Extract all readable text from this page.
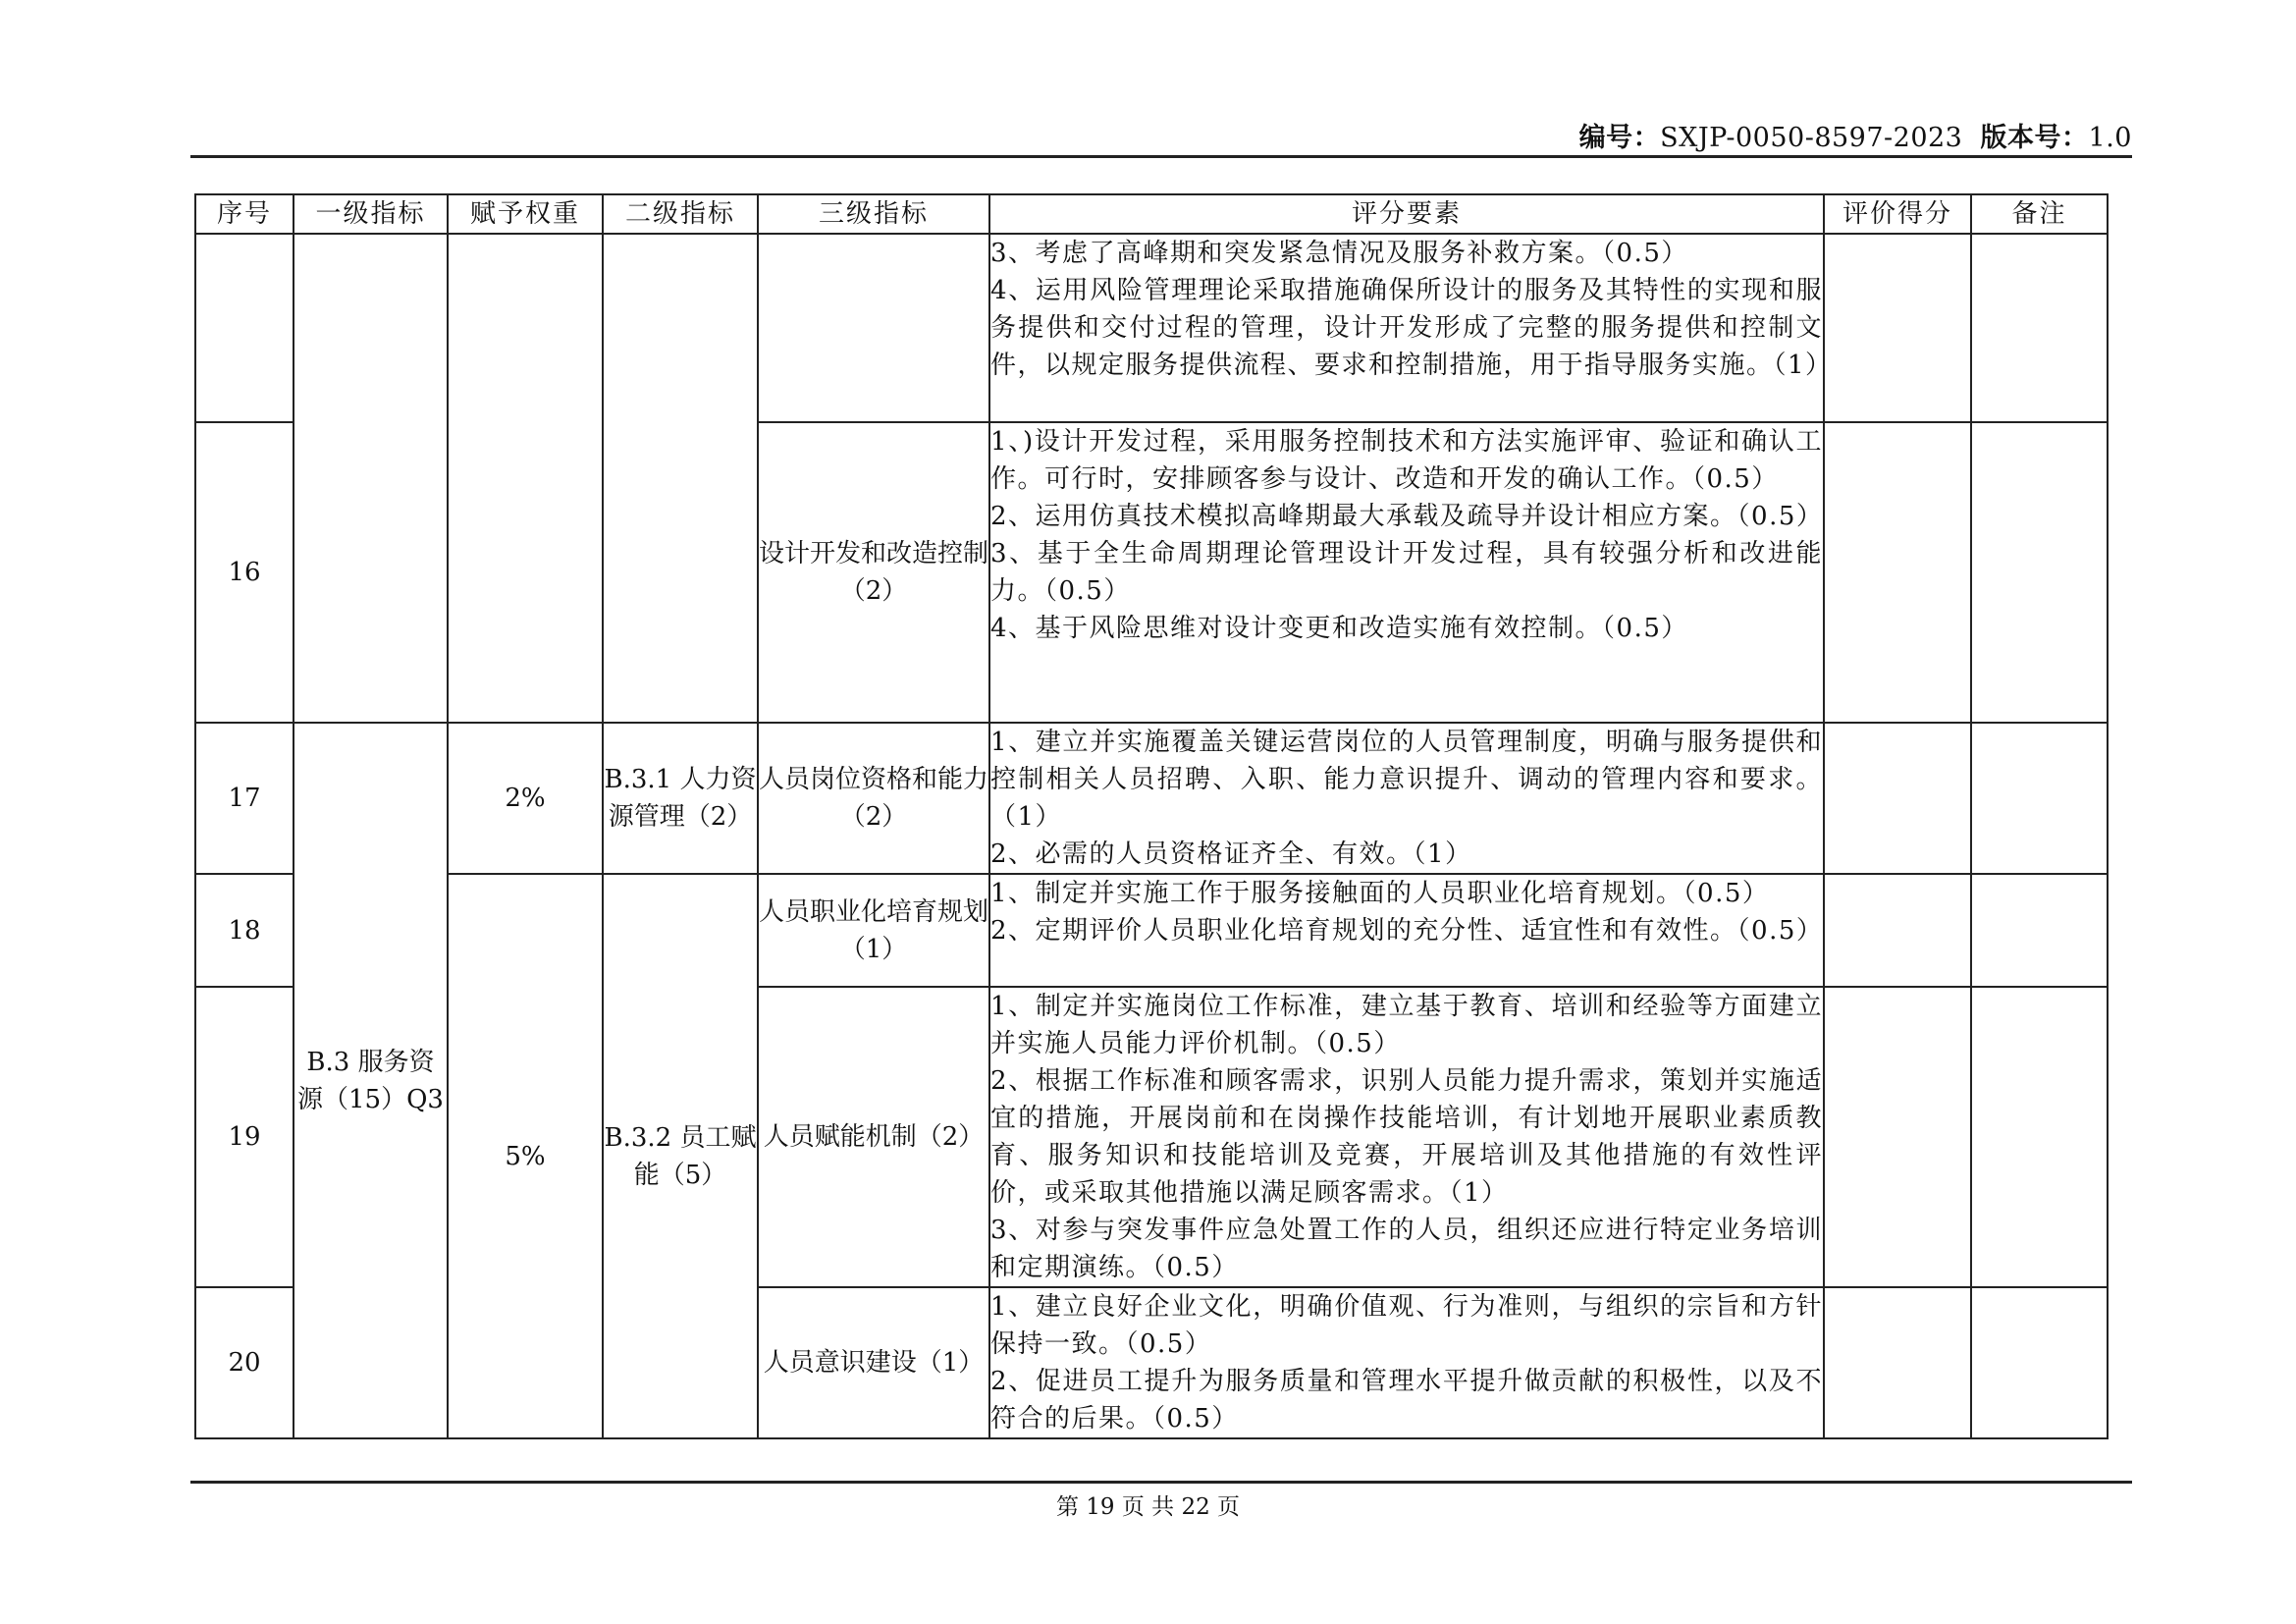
编号：SXJP-0050-8597-2023 版本号：1.0
序号	一级指标	赋予权重	二级指标	三级指标	评分要素	评价得分	备注

					3、考虑了高峰期和突发紧急情况及服务补救方案。（0.5）
4、运用风险管理理论采取措施确保所设计的服务及其特性的实现和服务提供和交付过程的管理，设计开发形成了完整的服务提供和控制文件，以规定服务提供流程、要求和控制措施，用于指导服务实施。（1）		

16				设计开发和改造控制（2）	1、)设计开发过程，采用服务控制技术和方法实施评审、验证和确认工作。可行时，安排顾客参与设计、改造和开发的确认工作。（0.5）
2、运用仿真技术模拟高峰期最大承载及疏导并设计相应方案。（0.5）
3、基于全生命周期理论管理设计开发过程，具有较强分析和改进能力。（0.5）
4、基于风险思维对设计变更和改造实施有效控制。（0.5）		

17	B.3 服务资源（15）Q3	2%	B.3.1 人力资源管理（2）	人员岗位资格和能力（2）	1、建立并实施覆盖关键运营岗位的人员管理制度，明确与服务提供和控制相关人员招聘、入职、能力意识提升、调动的管理内容和要求。（1）
2、必需的人员资格证齐全、有效。（1）		

18		5%	B.3.2 员工赋能（5）	人员职业化培育规划（1）	1、制定并实施工作于服务接触面的人员职业化培育规划。（0.5）
2、定期评价人员职业化培育规划的充分性、适宜性和有效性。（0.5）		

19				人员赋能机制（2）	1、制定并实施岗位工作标准，建立基于教育、培训和经验等方面建立并实施人员能力评价机制。（0.5）
2、根据工作标准和顾客需求，识别人员能力提升需求，策划并实施适宜的措施，开展岗前和在岗操作技能培训，有计划地开展职业素质教育、服务知识和技能培训及竞赛，开展培训及其他措施的有效性评价，或采取其他措施以满足顾客需求。（1）
3、对参与突发事件应急处置工作的人员，组织还应进行特定业务培训和定期演练。（0.5）		

20				人员意识建设（1）	1、建立良好企业文化，明确价值观、行为准则，与组织的宗旨和方针保持一致。（0.5）
2、促进员工提升为服务质量和管理水平提升做贡献的积极性，以及不符合的后果。（0.5）		

第 19 页 共 22 页
